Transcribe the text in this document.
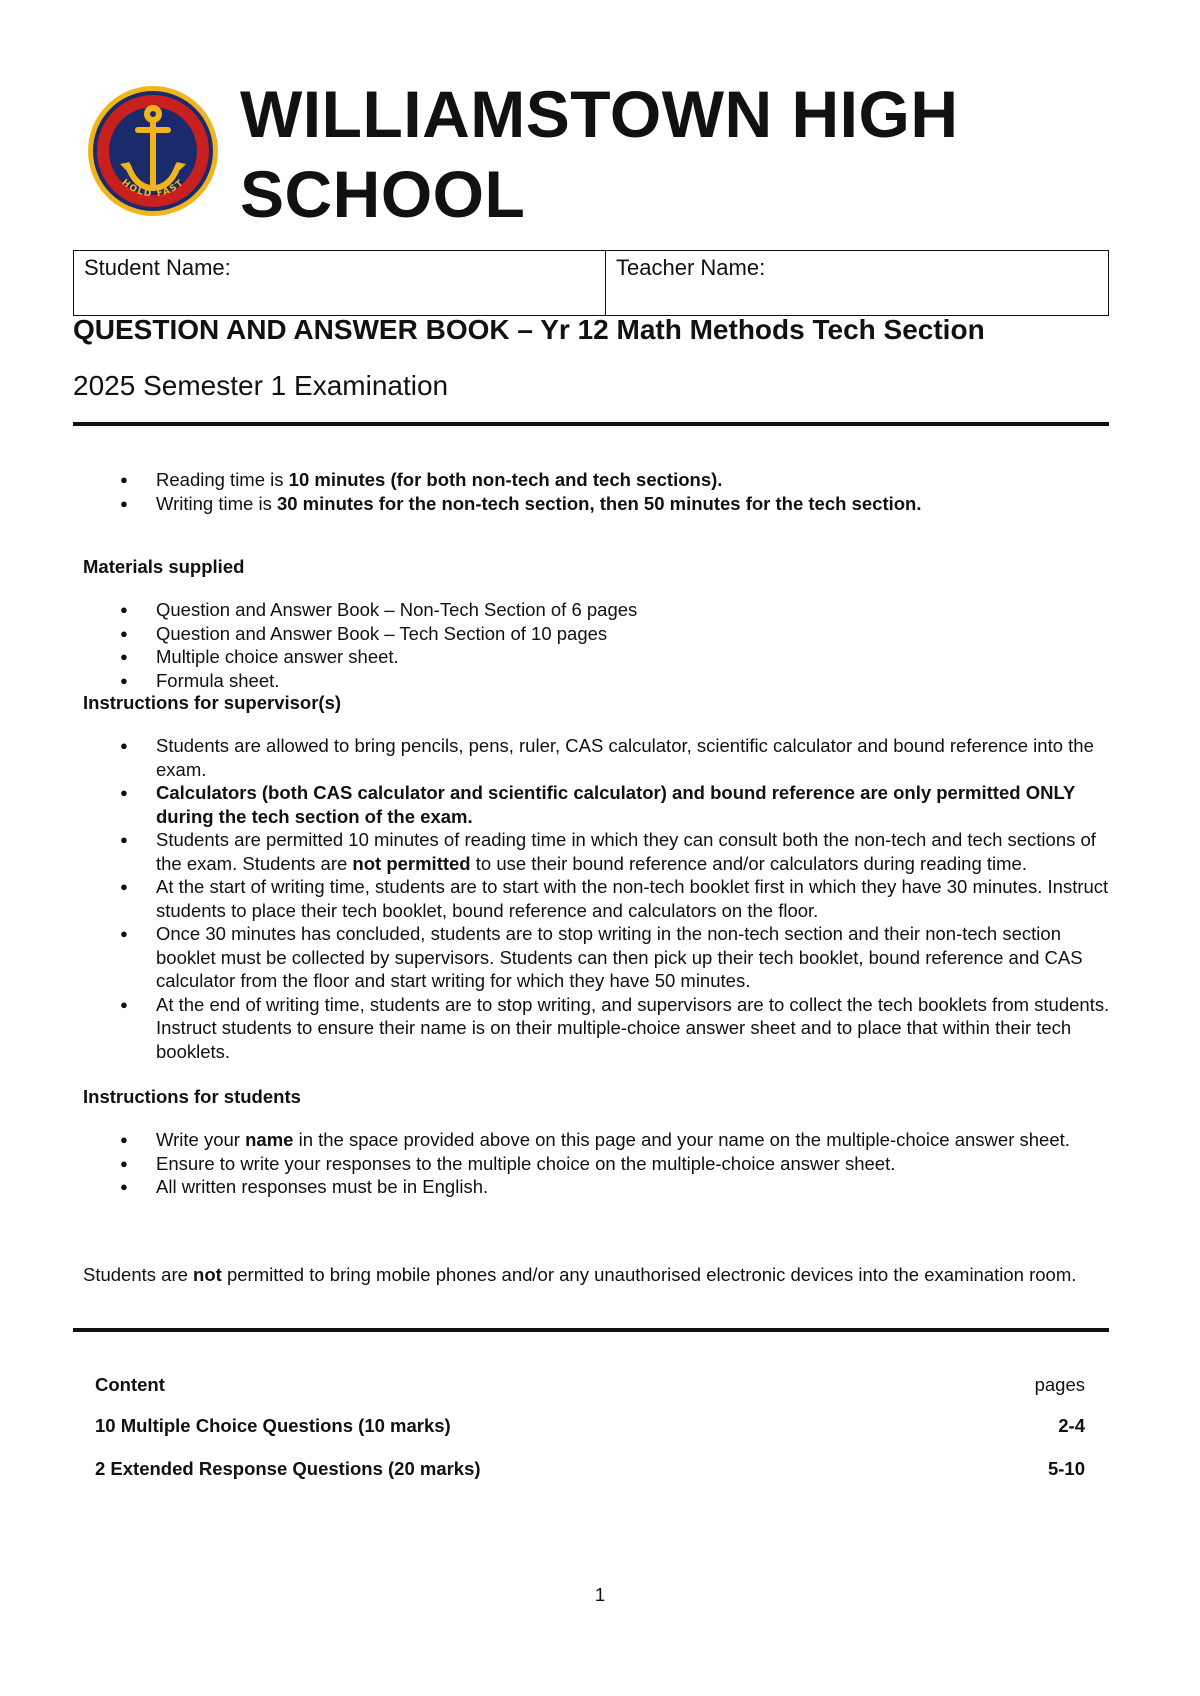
HOLD FAST
WILLIAMSTOWN HIGH SCHOOL
Student Name:	Teacher Name:
QUESTION AND ANSWER BOOK – Yr 12 Math Methods Tech Section
2025 Semester 1 Examination
● Reading time is 10 minutes (for both non-tech and tech sections).
● Writing time is 30 minutes for the non-tech section, then 50 minutes for the tech section.
Materials supplied
● Question and Answer Book – Non-Tech Section of 6 pages
● Question and Answer Book – Tech Section of 10 pages
● Multiple choice answer sheet.
● Formula sheet.
Instructions for supervisor(s)
● Students are allowed to bring pencils, pens, ruler, CAS calculator, scientific calculator and bound reference into the exam.
● Calculators (both CAS calculator and scientific calculator) and bound reference are only permitted ONLY during the tech section of the exam.
● Students are permitted 10 minutes of reading time in which they can consult both the non-tech and tech sections of the exam. Students are not permitted to use their bound reference and/or calculators during reading time.
● At the start of writing time, students are to start with the non-tech booklet first in which they have 30 minutes. Instruct students to place their tech booklet, bound reference and calculators on the floor.
● Once 30 minutes has concluded, students are to stop writing in the non-tech section and their non-tech section booklet must be collected by supervisors. Students can then pick up their tech booklet, bound reference and CAS calculator from the floor and start writing for which they have 50 minutes.
● At the end of writing time, students are to stop writing, and supervisors are to collect the tech booklets from students. Instruct students to ensure their name is on their multiple-choice answer sheet and to place that within their tech booklets.
Instructions for students
● Write your name in the space provided above on this page and your name on the multiple-choice answer sheet.
● Ensure to write your responses to the multiple choice on the multiple-choice answer sheet.
● All written responses must be in English.
Students are not permitted to bring mobile phones and/or any unauthorised electronic devices into the examination room.
Content	pages
10 Multiple Choice Questions (10 marks)	2-4
2 Extended Response Questions (20 marks)	5-10
1
